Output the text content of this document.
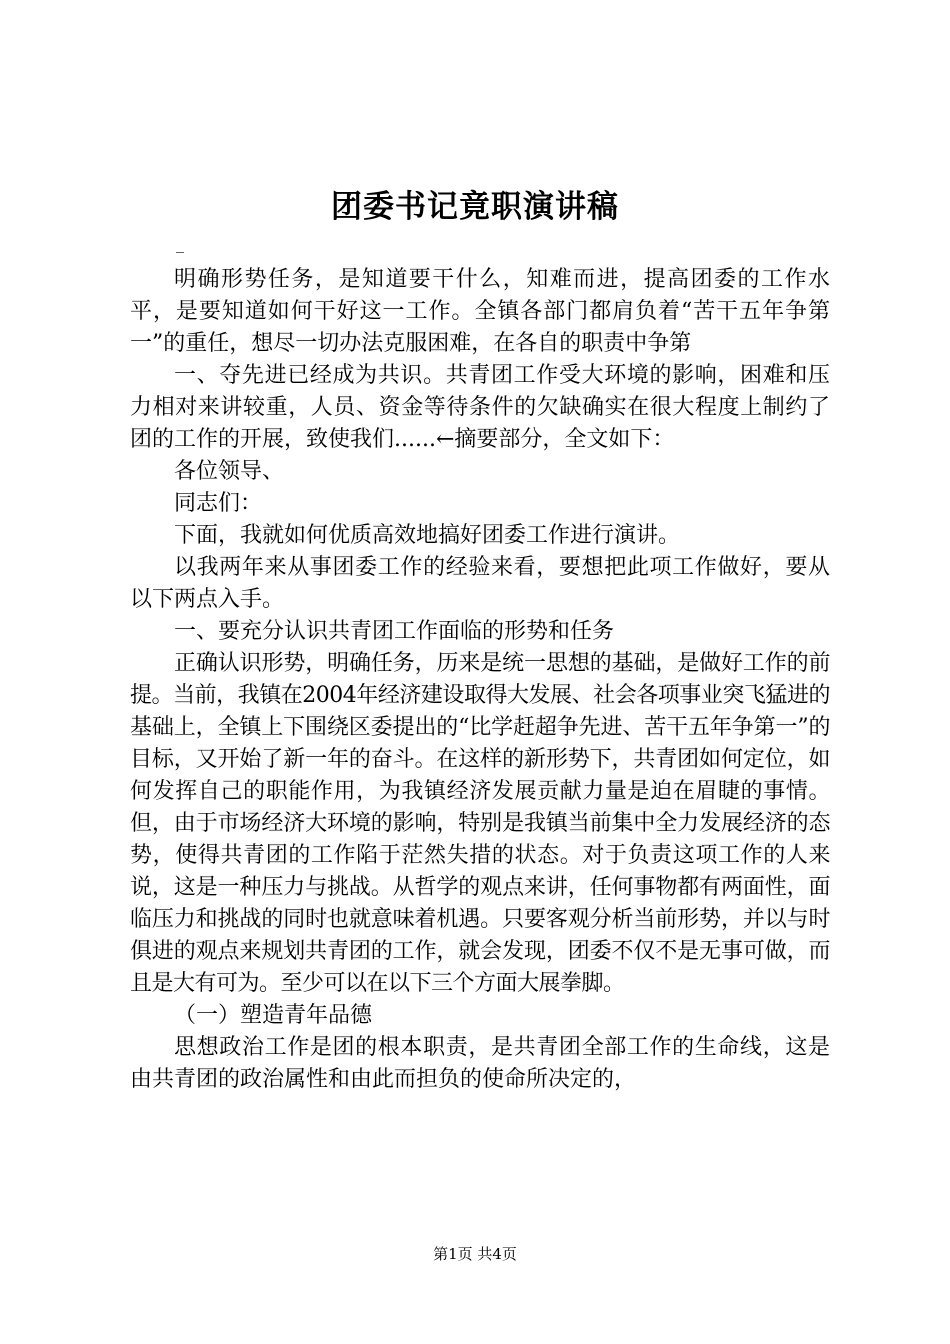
团委书记竟职演讲稿
_

明确形势任务，是知道要干什么，知难而进，提高团委的工作水平，是要知道如何干好这一工作。全镇各部门都肩负着“苦干五年争第一”的重任，想尽一切办法克服困难，在各自的职责中争第

一、夺先进已经成为共识。共青团工作受大环境的影响，困难和压力相对来讲较重，人员、资金等待条件的欠缺确实在很大程度上制约了团的工作的开展，致使我们......←摘要部分，全文如下：

各位领导、

同志们：

下面，我就如何优质高效地搞好团委工作进行演讲。

以我两年来从事团委工作的经验来看，要想把此项工作做好，要从以下两点入手。

一、要充分认识共青团工作面临的形势和任务

正确认识形势，明确任务，历来是统一思想的基础，是做好工作的前提。当前，我镇在2004年经济建设取得大发展、社会各项事业突飞猛进的基础上，全镇上下围绕区委提出的“比学赶超争先进、苦干五年争第一”的目标，又开始了新一年的奋斗。在这样的新形势下，共青团如何定位，如何发挥自己的职能作用，为我镇经济发展贡献力量是迫在眉睫的事情。但，由于市场经济大环境的影响，特别是我镇当前集中全力发展经济的态势，使得共青团的工作陷于茫然失措的状态。对于负责这项工作的人来说，这是一种压力与挑战。从哲学的观点来讲，任何事物都有两面性，面临压力和挑战的同时也就意味着机遇。只要客观分析当前形势，并以与时俱进的观点来规划共青团的工作，就会发现，团委不仅不是无事可做，而且是大有可为。至少可以在以下三个方面大展拳脚。

（一）塑造青年品德

思想政治工作是团的根本职责，是共青团全部工作的生命线，这是由共青团的政治属性和由此而担负的使命所决定的，

第1页 共4页
